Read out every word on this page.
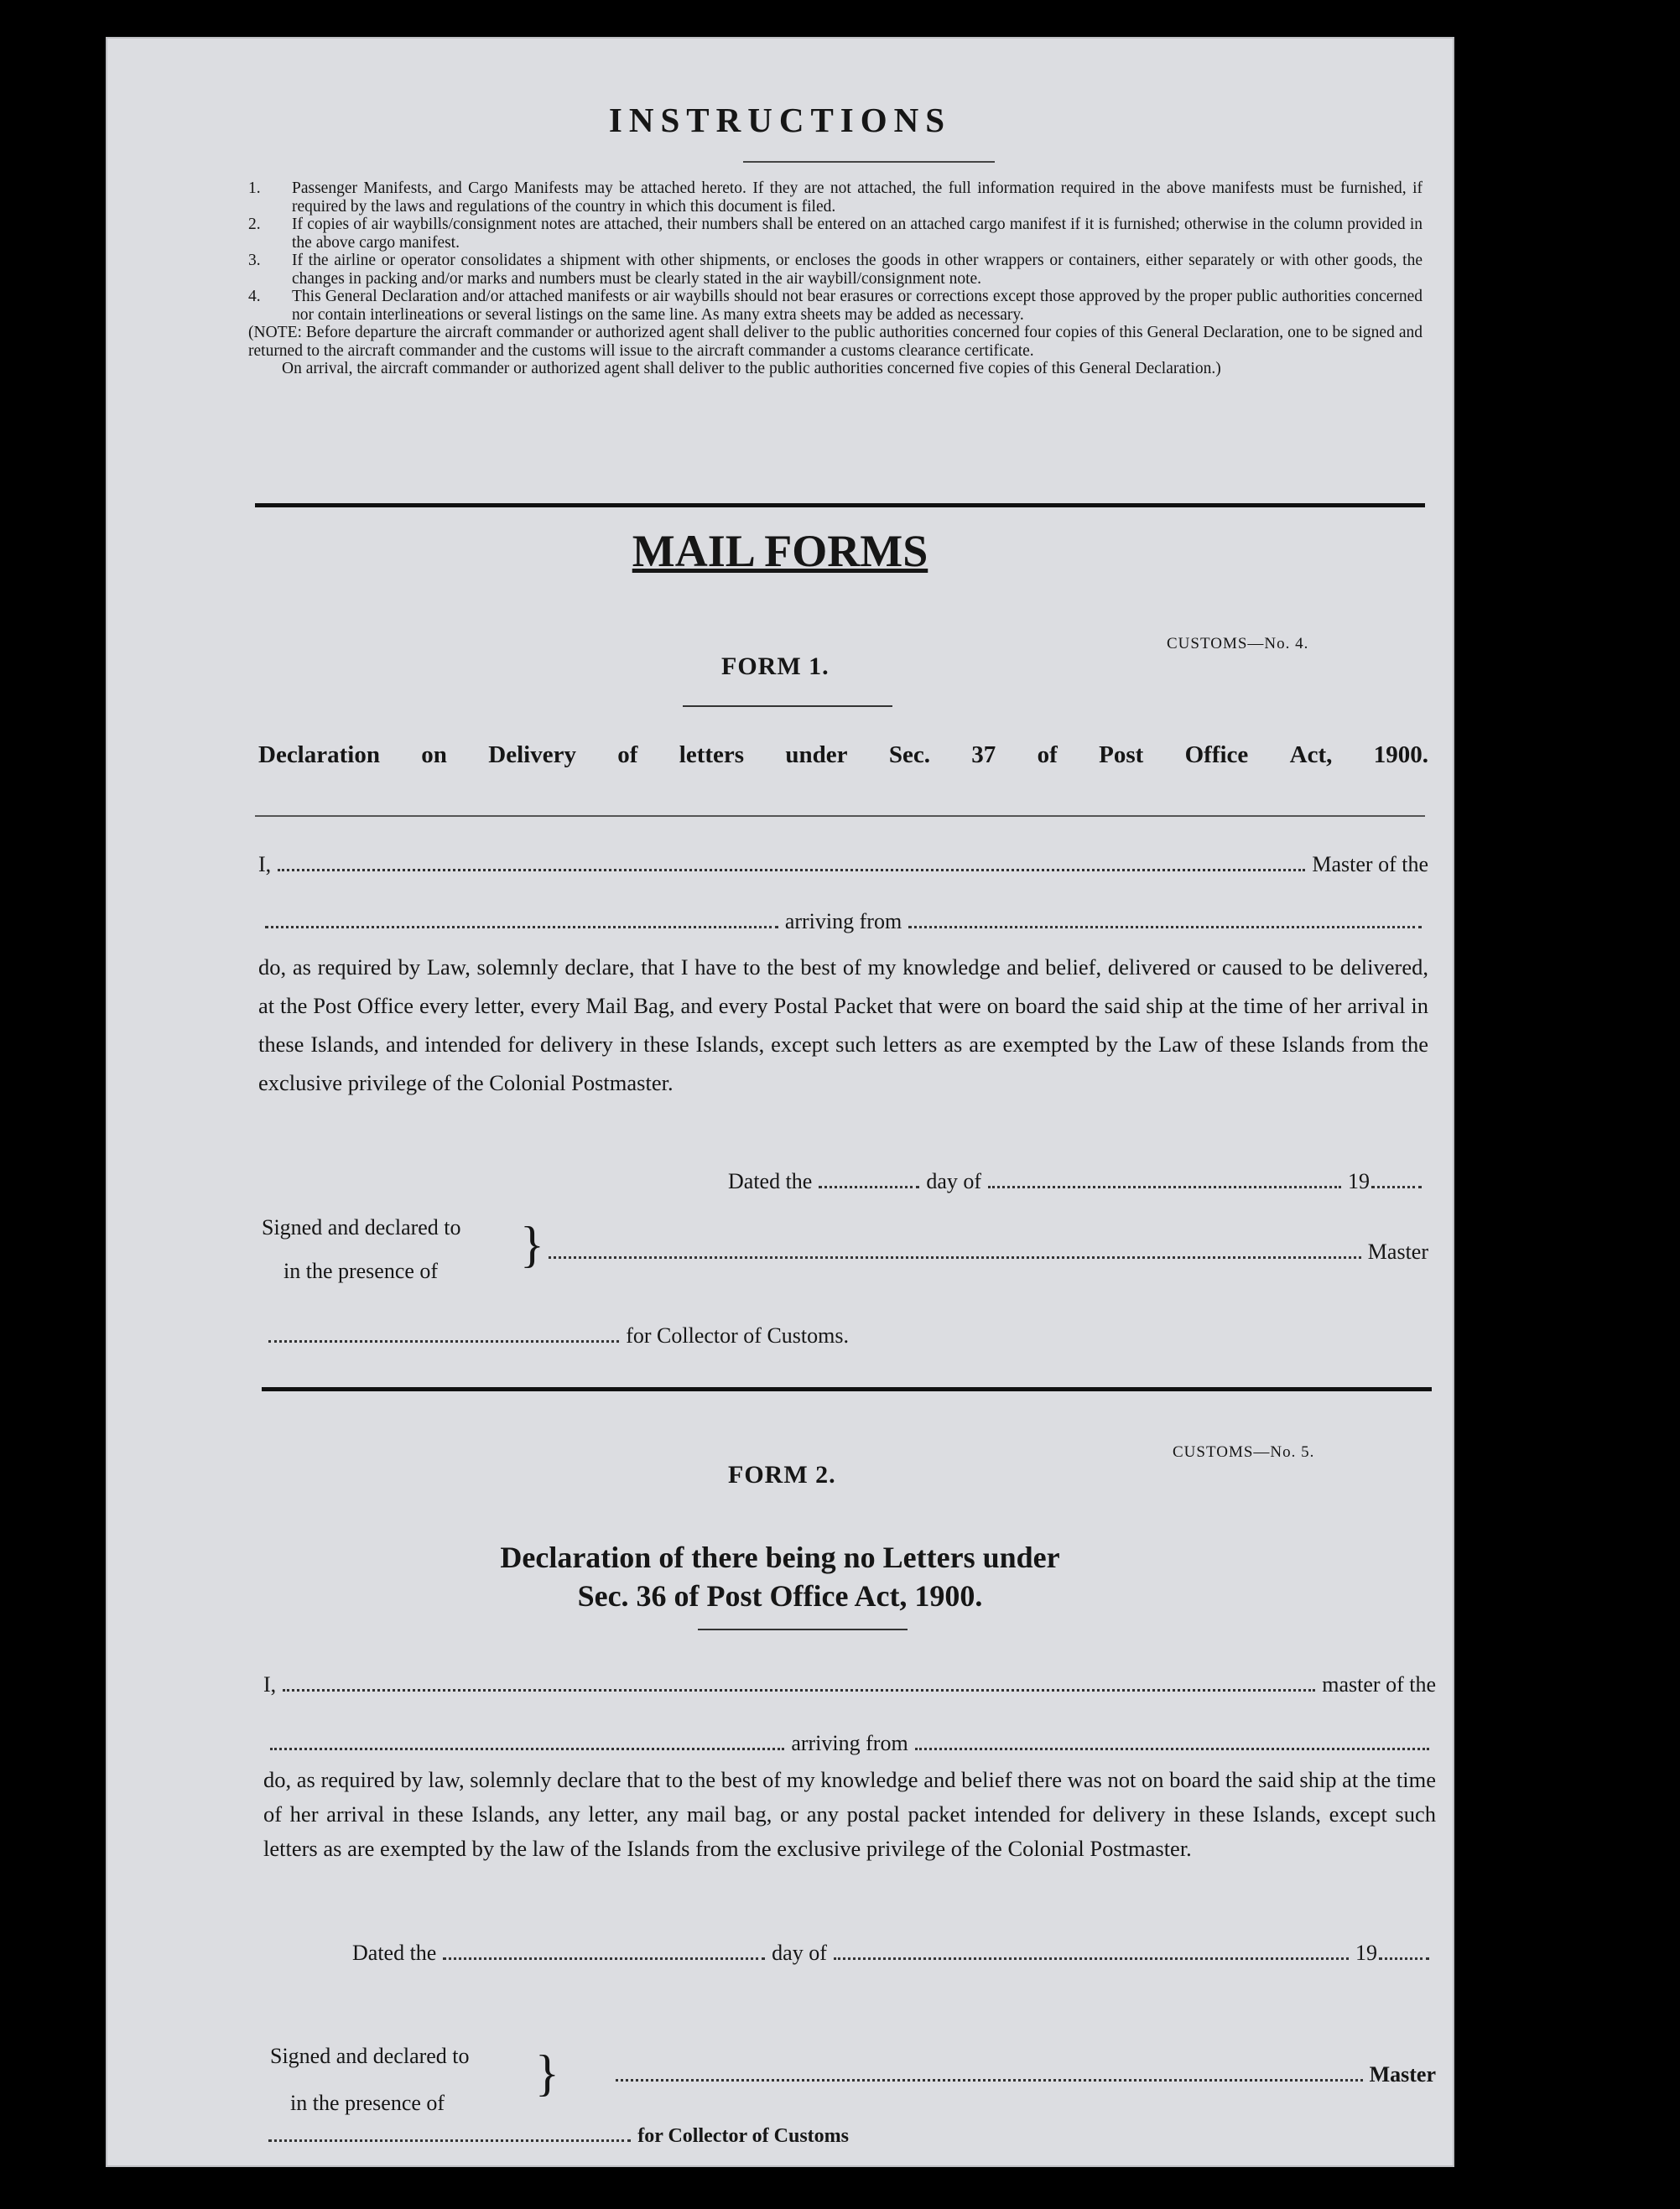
INSTRUCTIONS
1.	Passenger Manifests, and Cargo Manifests may be attached hereto. If they are not attached, the full information required in the above manifests must be furnished, if required by the laws and regulations of the country in which this document is filed.
2.	If copies of air waybills/consignment notes are attached, their numbers shall be entered on an attached cargo manifest if it is furnished; otherwise in the column provided in the above cargo manifest.
3.	If the airline or operator consolidates a shipment with other shipments, or encloses the goods in other wrappers or containers, either separately or with other goods, the changes in packing and/or marks and numbers must be clearly stated in the air waybill/consignment note.
4.	This General Declaration and/or attached manifests or air waybills should not bear erasures or corrections except those approved by the proper public authorities concerned nor contain interlineations or several listings on the same line. As many extra sheets may be added as necessary.
(NOTE: Before departure the aircraft commander or authorized agent shall deliver to the public authorities concerned four copies of this General Declaration, one to be signed and returned to the aircraft commander and the customs will issue to the aircraft commander a customs clearance certificate.
On arrival, the aircraft commander or authorized agent shall deliver to the public authorities concerned five copies of this General Declaration.)
MAIL FORMS
CUSTOMS—No. 4.
FORM 1.
Declaration on Delivery of letters under Sec. 37 of Post Office Act, 1900.
I,	Master of the
arriving from
do, as required by Law, solemnly declare, that I have to the best of my knowledge and belief, delivered or caused to be delivered, at the Post Office every letter, every Mail Bag, and every Postal Packet that were on board the said ship at the time of her arrival in these Islands, and intended for delivery in these Islands, except such letters as are exempted by the Law of these Islands from the exclusive privilege of the Colonial Postmaster.
Dated the	day of	19
Signed and declared to
in the presence of	}	Master
for Collector of Customs.
CUSTOMS—No. 5.
FORM 2.
Declaration of there being no Letters under
Sec. 36 of Post Office Act, 1900.
I,	master of the
arriving from
do, as required by law, solemnly declare that to the best of my knowledge and belief there was not on board the said ship at the time of her arrival in these Islands, any letter, any mail bag, or any postal packet intended for delivery in these Islands, except such letters as are exempted by the law of the Islands from the exclusive privilege of the Colonial Postmaster.
Dated the	day of	19
Signed and declared to
in the presence of
}	Master
for Collector of Customs
